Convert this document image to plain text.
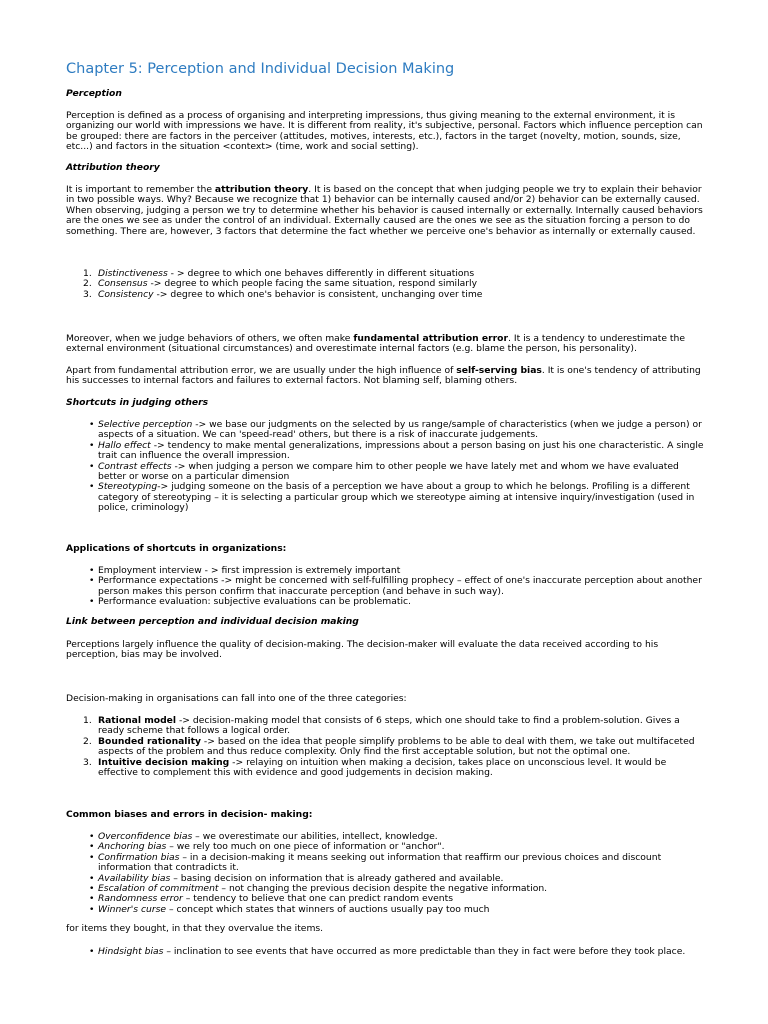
Chapter 5: Perception and Individual Decision Making
Perception

Perception is defined as a process of organising and interpreting impressions, thus giving meaning to the external environment, it is organizing our world with impressions we have. It is different from reality, it's subjective, personal. Factors which influence perception can be grouped: there are factors in the perceiver (attitudes, motives, interests, etc.), factors in the target (novelty, motion, sounds, size, etc...) and factors in the situation <context> (time, work and social setting).

Attribution theory

It is important to remember the attribution theory. It is based on the concept that when judging people we try to explain their behavior in two possible ways. Why? Because we recognize that 1) behavior can be internally caused and/or 2) behavior can be externally caused. When observing, judging a person we try to determine whether his behavior is caused internally or externally. Internally caused behaviors are the ones we see as under the control of an individual. Externally caused are the ones we see as the situation forcing a person to do something. There are, however, 3 factors that determine the fact whether we perceive one's behavior as internally or externally caused.

1. Distinctiveness - > degree to which one behaves differently in different situations
2. Consensus -> degree to which people facing the same situation, respond similarly
3. Consistency -> degree to which one's behavior is consistent, unchanging over time

Moreover, when we judge behaviors of others, we often make fundamental attribution error. It is a tendency to underestimate the external environment (situational circumstances) and overestimate internal factors (e.g. blame the person, his personality).

Apart from fundamental attribution error, we are usually under the high influence of self-serving bias. It is one's tendency of attributing his successes to internal factors and failures to external factors. Not blaming self, blaming others.

Shortcuts in judging others
• Selective perception -> we base our judgments on the selected by us range/sample of characteristics (when we judge a person) or aspects of a situation. We can 'speed-read' others, but there is a risk of inaccurate judgements.
• Hallo effect -> tendency to make mental generalizations, impressions about a person basing on just his one characteristic. A single trait can influence the overall impression.
• Contrast effects -> when judging a person we compare him to other people we have lately met and whom we have evaluated better or worse on a particular dimension
• Stereotyping-> judging someone on the basis of a perception we have about a group to which he belongs. Profiling is a different category of stereotyping – it is selecting a particular group which we stereotype aiming at intensive inquiry/investigation (used in police, criminology)
Applications of shortcuts in organizations:
• Employment interview - > first impression is extremely important
• Performance expectations -> might be concerned with self-fulfilling prophecy – effect of one's inaccurate perception about another person makes this person confirm that inaccurate perception (and behave in such way).
• Performance evaluation: subjective evaluations can be problematic.
Link between perception and individual decision making

Perceptions largely influence the quality of decision-making. The decision-maker will evaluate the data received according to his perception, bias may be involved.

Decision-making in organisations can fall into one of the three categories:

1. Rational model -> decision-making model that consists of 6 steps, which one should take to find a problem-solution. Gives a ready scheme that follows a logical order.
2. Bounded rationality -> based on the idea that people simplify problems to be able to deal with them, we take out multifaceted aspects of the problem and thus reduce complexity. Only find the first acceptable solution, but not the optimal one.
3. Intuitive decision making -> relaying on intuition when making a decision, takes place on unconscious level. It would be effective to complement this with evidence and good judgements in decision making.
Common biases and errors in decision- making:
• Overconfidence bias – we overestimate our abilities, intellect, knowledge.
• Anchoring bias – we rely too much on one piece of information or "anchor".
• Confirmation bias – in a decision-making it means seeking out information that reaffirm our previous choices and discount information that contradicts it.
• Availability bias – basing decision on information that is already gathered and available.
• Escalation of commitment – not changing the previous decision despite the negative information.
• Randomness error – tendency to believe that one can predict random events
• Winner's curse – concept which states that winners of auctions usually pay too much

for items they bought, in that they overvalue the items.

• Hindsight bias – inclination to see events that have occurred as more predictable than they in fact were before they took place.
